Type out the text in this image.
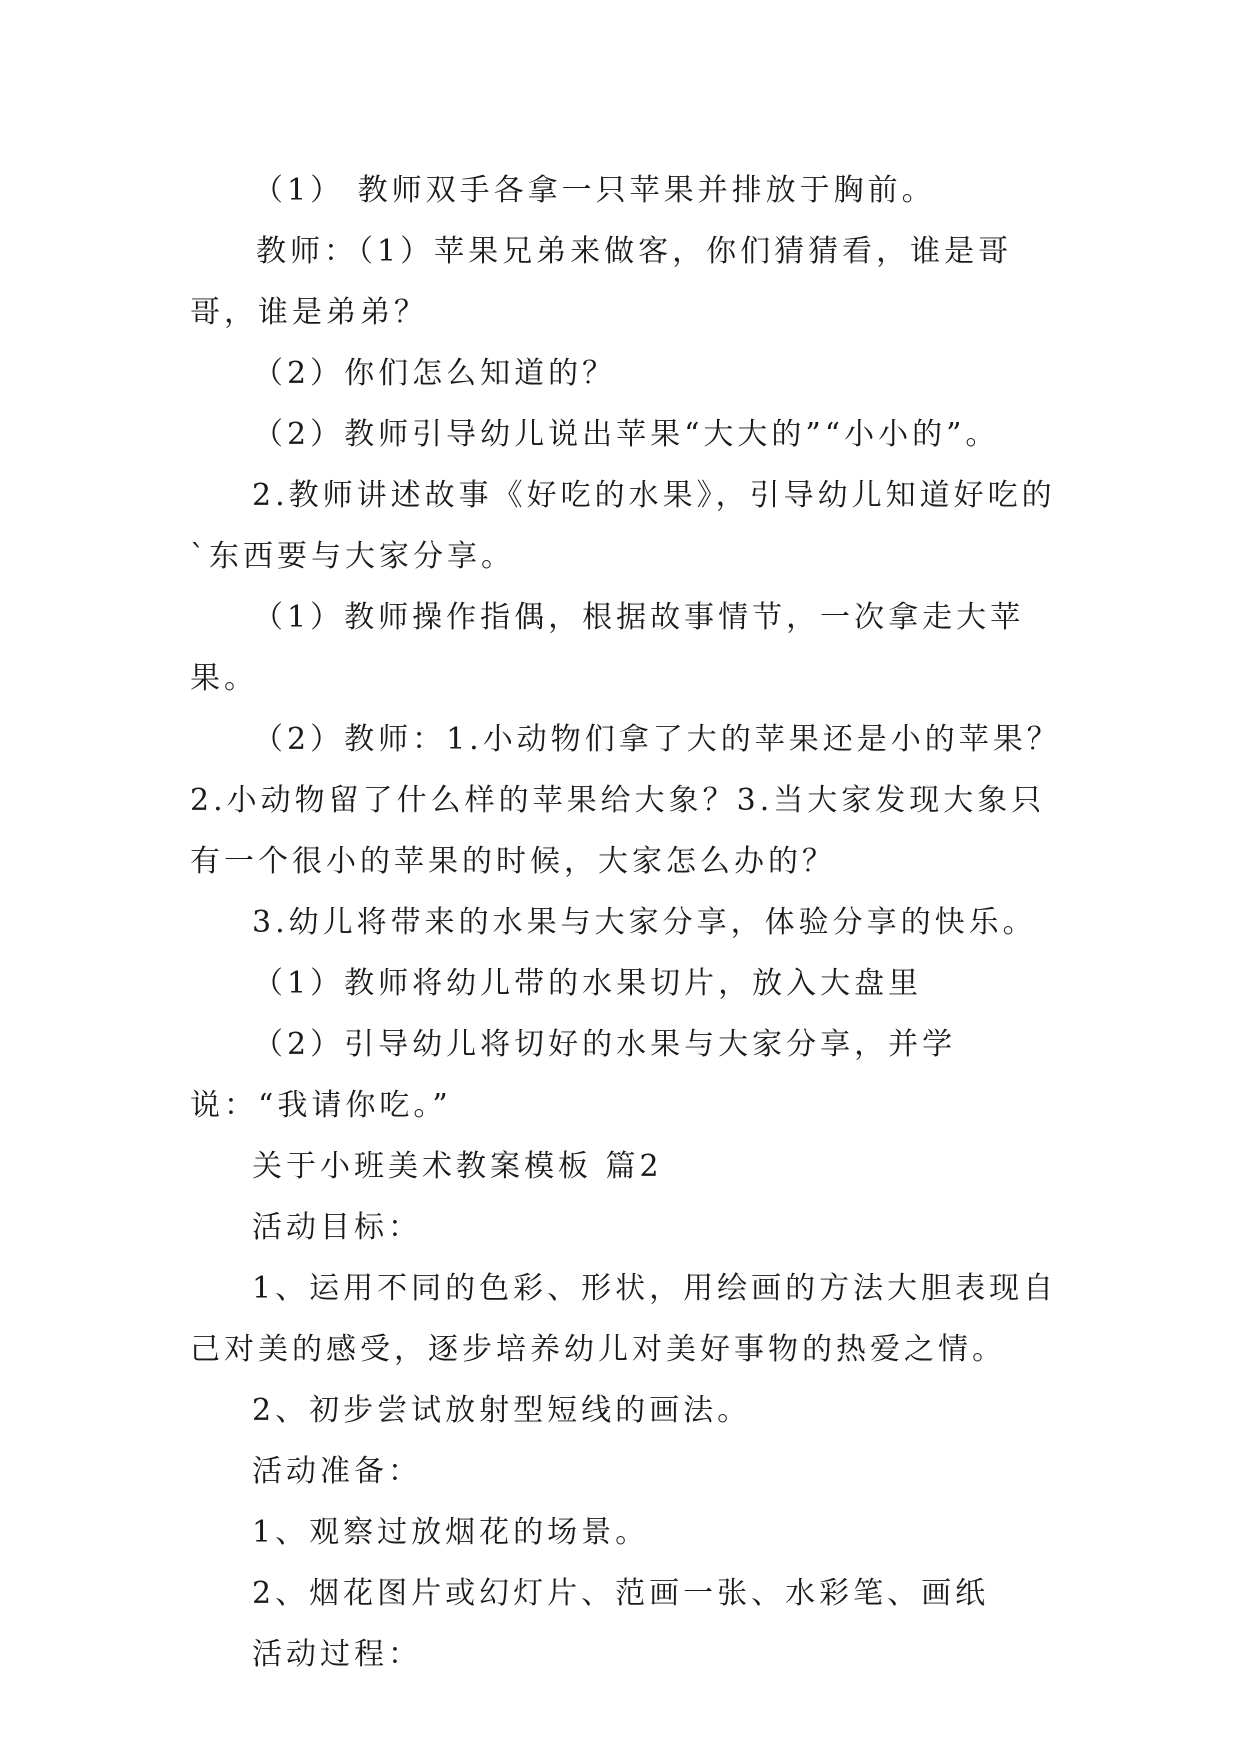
（1） 教师双手各拿一只苹果并排放于胸前。

教师：（1）苹果兄弟来做客，你们猜猜看，谁是哥哥，谁是弟弟？

（2）你们怎么知道的？

（2）教师引导幼儿说出苹果“大大的”“小小的”。

2.教师讲述故事《好吃的水果》，引导幼儿知道好吃的`东西要与大家分享。

（1）教师操作指偶，根据故事情节，一次拿走大苹果。

（2）教师：1.小动物们拿了大的苹果还是小的苹果？2.小动物留了什么样的苹果给大象？3.当大家发现大象只有一个很小的苹果的时候，大家怎么办的？

3.幼儿将带来的水果与大家分享，体验分享的快乐。

（1）教师将幼儿带的水果切片，放入大盘里

（2）引导幼儿将切好的水果与大家分享，并学说：“我请你吃。”

关于小班美术教案模板 篇2

活动目标：

1、运用不同的色彩、形状，用绘画的方法大胆表现自己对美的感受，逐步培养幼儿对美好事物的热爱之情。

2、初步尝试放射型短线的画法。

活动准备：

1、观察过放烟花的场景。

2、烟花图片或幻灯片、范画一张、水彩笔、画纸

活动过程：
